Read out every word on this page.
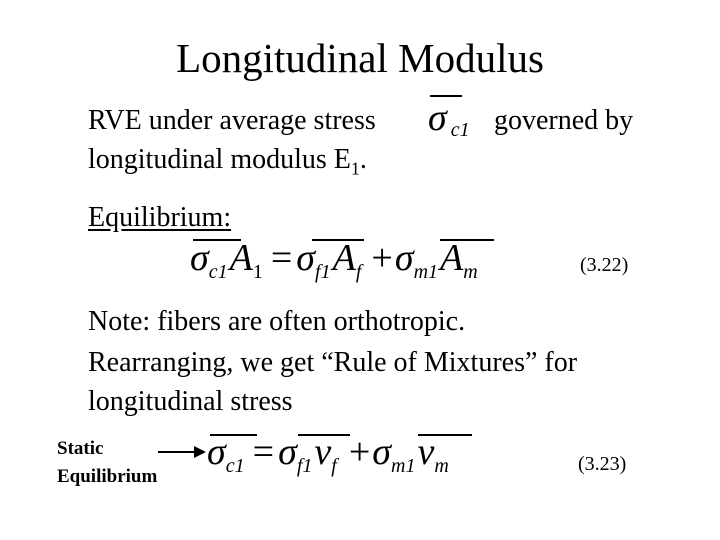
Longitudinal Modulus
RVE under average stress σc1 governed by
longitudinal modulus $E_1$.
Equilibrium:
σc1A1 = σf1Af +σm1Am	(3.22)
Note: fibers are often orthotropic.
Rearranging, we get “Rule of Mixtures” for
longitudinal stress
Static
Equilibrium
σc1 = σf1vf +σm1vm	(3.23)
